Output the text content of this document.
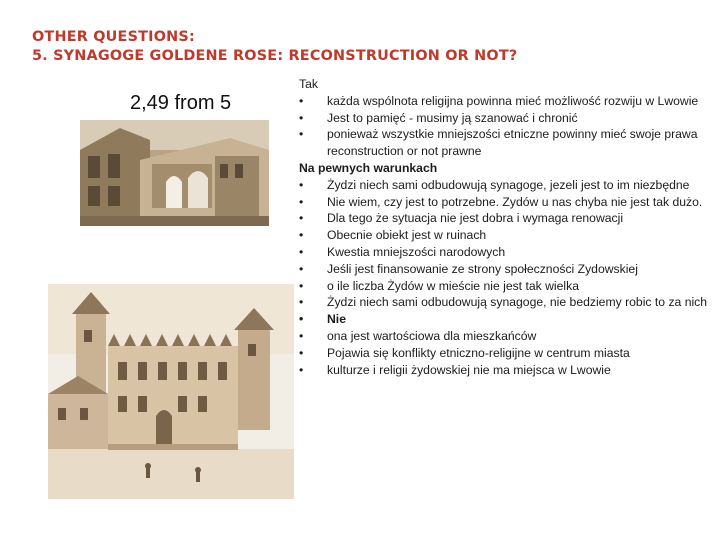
OTHER QUESTIONS:
5. SYNAGOGE GOLDENE ROSE: RECONSTRUCTION OR NOT?
2,49 from 5
Tak
•	każda wspólnota religijna powinna mieć możliwość rozwiju w Lwowie
•	Jest to pamięć - musimy ją szanować i chronić
•	ponieważ wszystkie mniejszości etniczne powinny mieć swoje prawa reconstruction or not prawne
Na pewnych warunkach
•	Żydzi niech sami odbudowują synagoge, jezeli jest to im niezbędne
•	Nie wiem, czy jest to potrzebne. Zydów u nas chyba nie jest tak dużo.
•	Dla tego że sytuacja nie jest dobra i wymaga renowacji
•	Obecnie obiekt jest w ruinach
•	Kwestia mniejszości narodowych
•	Jeśli jest finansowanie ze strony społeczności Zydowskiej
•	o ile liczba Żydów w mieście nie jest tak wielka
•	Żydzi niech sami odbudowują synagoge, nie bedziemy robic to za nich
•	Nie
•	ona jest wartościowa dla mieszkańców
•	Pojawia się konflikty etniczno-religijne w centrum miasta
•	kulturze i religii żydowskiej nie ma miejsca w Lwowie
